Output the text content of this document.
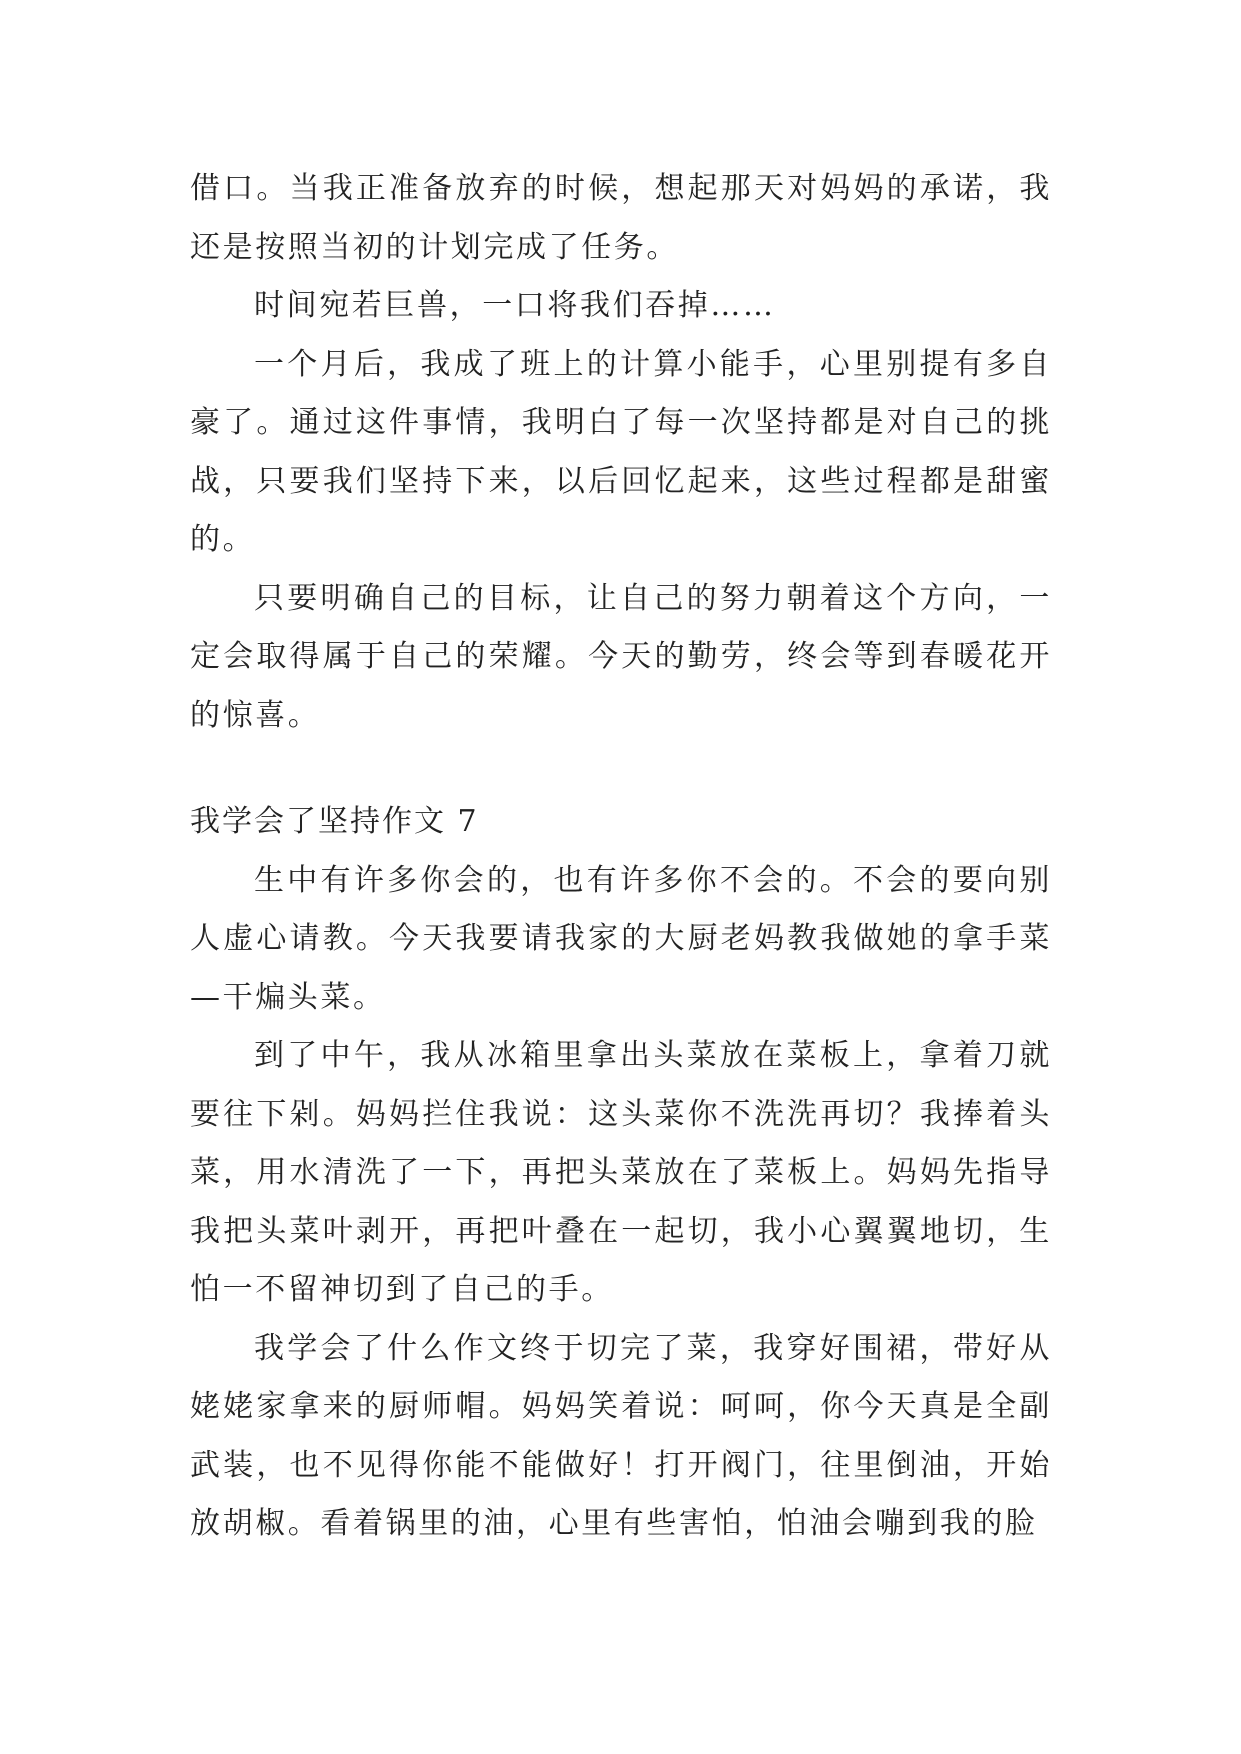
借口。当我正准备放弃的时候，想起那天对妈妈的承诺，我还是按照当初的计划完成了任务。

时间宛若巨兽，一口将我们吞掉……

一个月后，我成了班上的计算小能手，心里别提有多自豪了。通过这件事情，我明白了每一次坚持都是对自己的挑战，只要我们坚持下来，以后回忆起来，这些过程都是甜蜜的。

只要明确自己的目标，让自己的努力朝着这个方向，一定会取得属于自己的荣耀。今天的勤劳，终会等到春暖花开的惊喜。

我学会了坚持作文 7

生中有许多你会的，也有许多你不会的。不会的要向别人虚心请教。今天我要请我家的大厨老妈教我做她的拿手菜—干煸头菜。

到了中午，我从冰箱里拿出头菜放在菜板上，拿着刀就要往下剁。妈妈拦住我说：这头菜你不洗洗再切？我捧着头菜，用水清洗了一下，再把头菜放在了菜板上。妈妈先指导我把头菜叶剥开，再把叶叠在一起切，我小心翼翼地切，生怕一不留神切到了自己的手。

我学会了什么作文终于切完了菜，我穿好围裙，带好从姥姥家拿来的厨师帽。妈妈笑着说：呵呵，你今天真是全副武装，也不见得你能不能做好！打开阀门，往里倒油，开始放胡椒。看着锅里的油，心里有些害怕，怕油会嘣到我的脸
